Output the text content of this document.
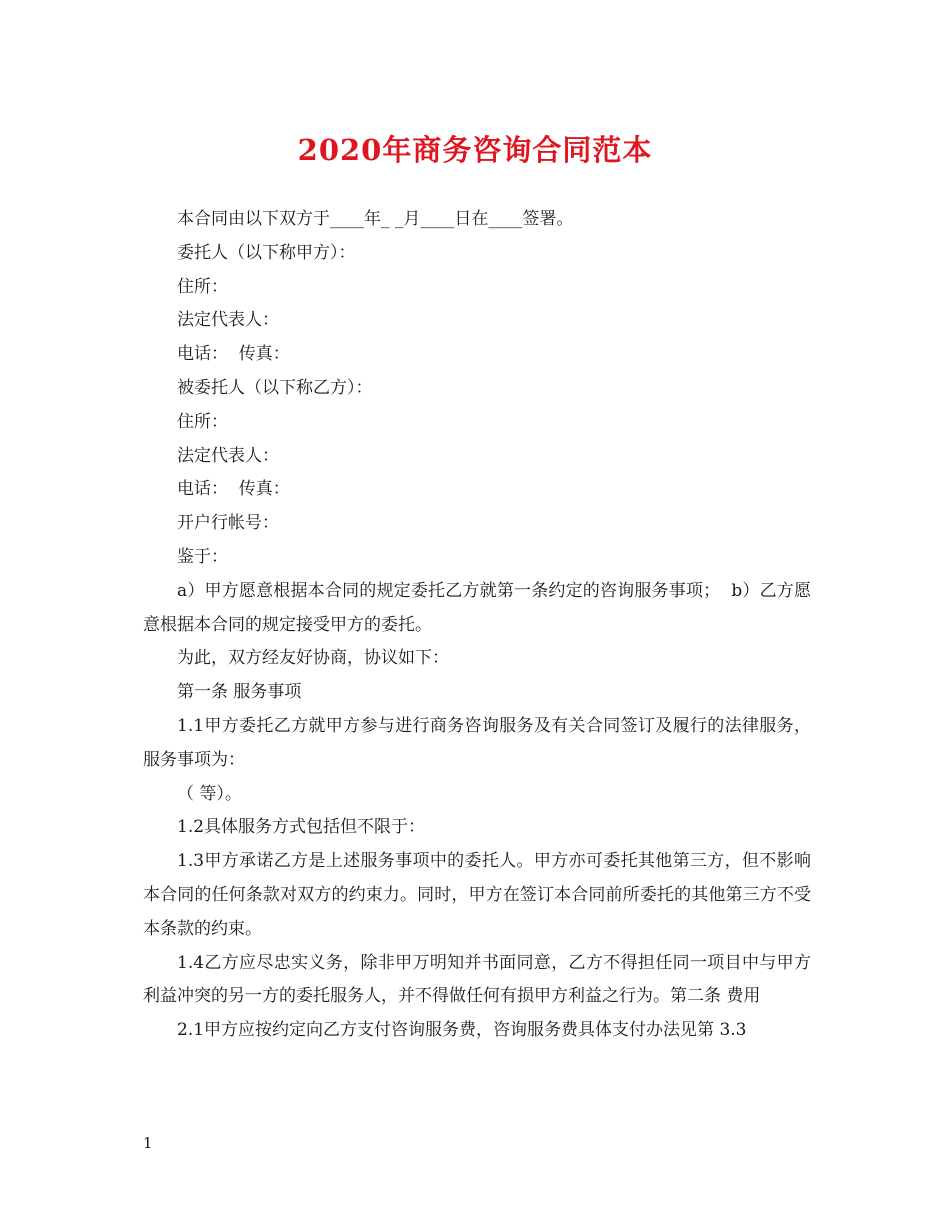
2020年商务咨询合同范本

本合同由以下双方于____年_ _月____日在____签署。

委托人（以下称甲方）：

住所：

法定代表人：

电话：  传真：

被委托人（以下称乙方）：

住所：

法定代表人：

电话：  传真：

开户行帐号：

鉴于：

a）甲方愿意根据本合同的规定委托乙方就第一条约定的咨询服务事项；  b）乙方愿意根据本合同的规定接受甲方的委托。

为此，双方经友好协商，协议如下：

第一条 服务事项

1.1甲方委托乙方就甲方参与进行商务咨询服务及有关合同签订及履行的法律服务，服务事项为：

（ 等）。

1.2具体服务方式包括但不限于：

1.3甲方承诺乙方是上述服务事项中的委托人。甲方亦可委托其他第三方，但不影响本合同的任何条款对双方的约束力。同时，甲方在签订本合同前所委托的其他第三方不受本条款的约束。

1.4乙方应尽忠实义务，除非甲万明知并书面同意，乙方不得担任同一项目中与甲方利益冲突的另一方的委托服务人，并不得做任何有损甲方利益之行为。第二条 费用

2.1甲方应按约定向乙方支付咨询服务费，咨询服务费具体支付办法见第 3.3

1
